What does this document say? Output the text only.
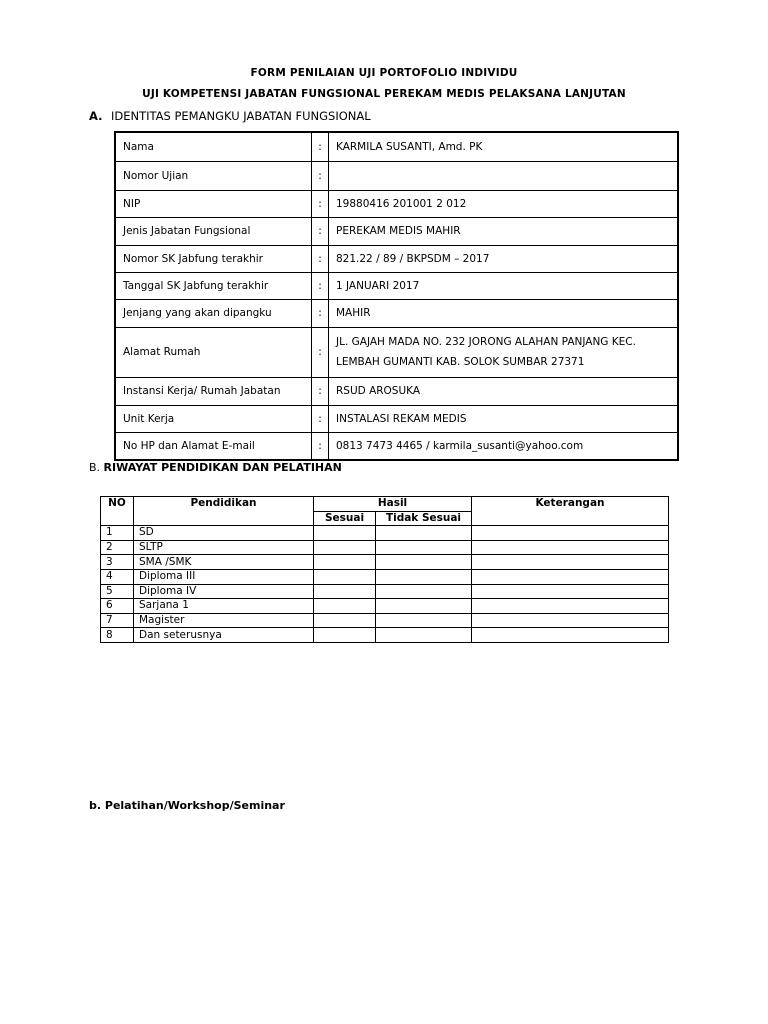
FORM PENILAIAN UJI PORTOFOLIO INDIVIDU
UJI KOMPETENSI JABATAN FUNGSIONAL PEREKAM MEDIS PELAKSANA LANJUTAN
A. IDENTITAS PEMANGKU JABATAN FUNGSIONAL
Nama	:	KARMILA SUSANTI, Amd. PK
Nomor Ujian	:	
NIP	:	19880416 201001 2 012
Jenis Jabatan Fungsional	:	PEREKAM MEDIS MAHIR
Nomor SK Jabfung terakhir	:	821.22 / 89 / BKPSDM – 2017
Tanggal SK Jabfung terakhir	:	1 JANUARI 2017
Jenjang yang akan dipangku	:	MAHIR
Alamat Rumah	:	JL. GAJAH MADA NO. 232 JORONG ALAHAN PANJANG KEC.
LEMBAH GUMANTI KAB. SOLOK SUMBAR 27371

Instansi Kerja/ Rumah Jabatan	:	RSUD AROSUKA
Unit Kerja	:	INSTALASI REKAM MEDIS
No HP dan Alamat E-mail	:	0813 7473 4465 / karmila_susanti@yahoo.com
B. RIWAYAT PENDIDIKAN DAN PELATIHAN
NO	Pendidikan	Hasil		Keterangan
		Sesuai	Tidak Sesuai	
1	SD			
2	SLTP			
3	SMA /SMK			
4	Diploma III			
5	Diploma IV			
6	Sarjana 1			
7	Magister			
8	Dan seterusnya			
b. Pelatihan/Workshop/Seminar
